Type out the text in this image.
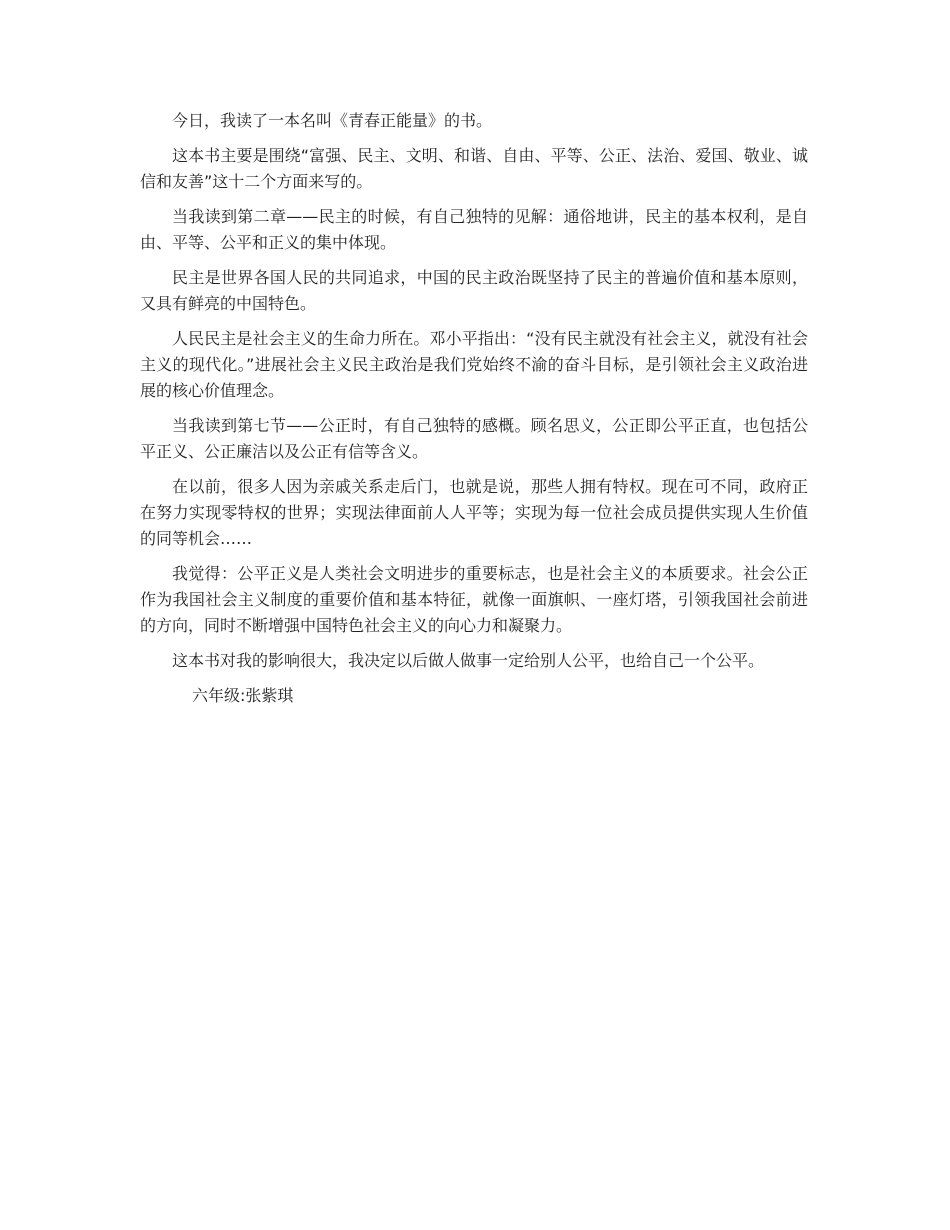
今日，我读了一本名叫《青春正能量》的书。

这本书主要是围绕“富强、民主、文明、和谐、自由、平等、公正、法治、爱国、敬业、诚信和友善”这十二个方面来写的。

当我读到第二章——民主的时候，有自己独特的见解：通俗地讲，民主的基本权利，是自由、平等、公平和正义的集中体现。

民主是世界各国人民的共同追求，中国的民主政治既坚持了民主的普遍价值和基本原则，又具有鲜亮的中国特色。

人民民主是社会主义的生命力所在。邓小平指出：“没有民主就没有社会主义，就没有社会主义的现代化。”进展社会主义民主政治是我们党始终不渝的奋斗目标，是引领社会主义政治进展的核心价值理念。

当我读到第七节——公正时，有自己独特的感概。顾名思义，公正即公平正直，也包括公平正义、公正廉洁以及公正有信等含义。

在以前，很多人因为亲戚关系走后门，也就是说，那些人拥有特权。现在可不同，政府正在努力实现零特权的世界；实现法律面前人人平等；实现为每一位社会成员提供实现人生价值的同等机会……

我觉得：公平正义是人类社会文明进步的重要标志，也是社会主义的本质要求。社会公正作为我国社会主义制度的重要价值和基本特征，就像一面旗帜、一座灯塔，引领我国社会前进的方向，同时不断增强中国特色社会主义的向心力和凝聚力。

这本书对我的影响很大，我决定以后做人做事一定给别人公平，也给自己一个公平。

六年级:张紫琪
